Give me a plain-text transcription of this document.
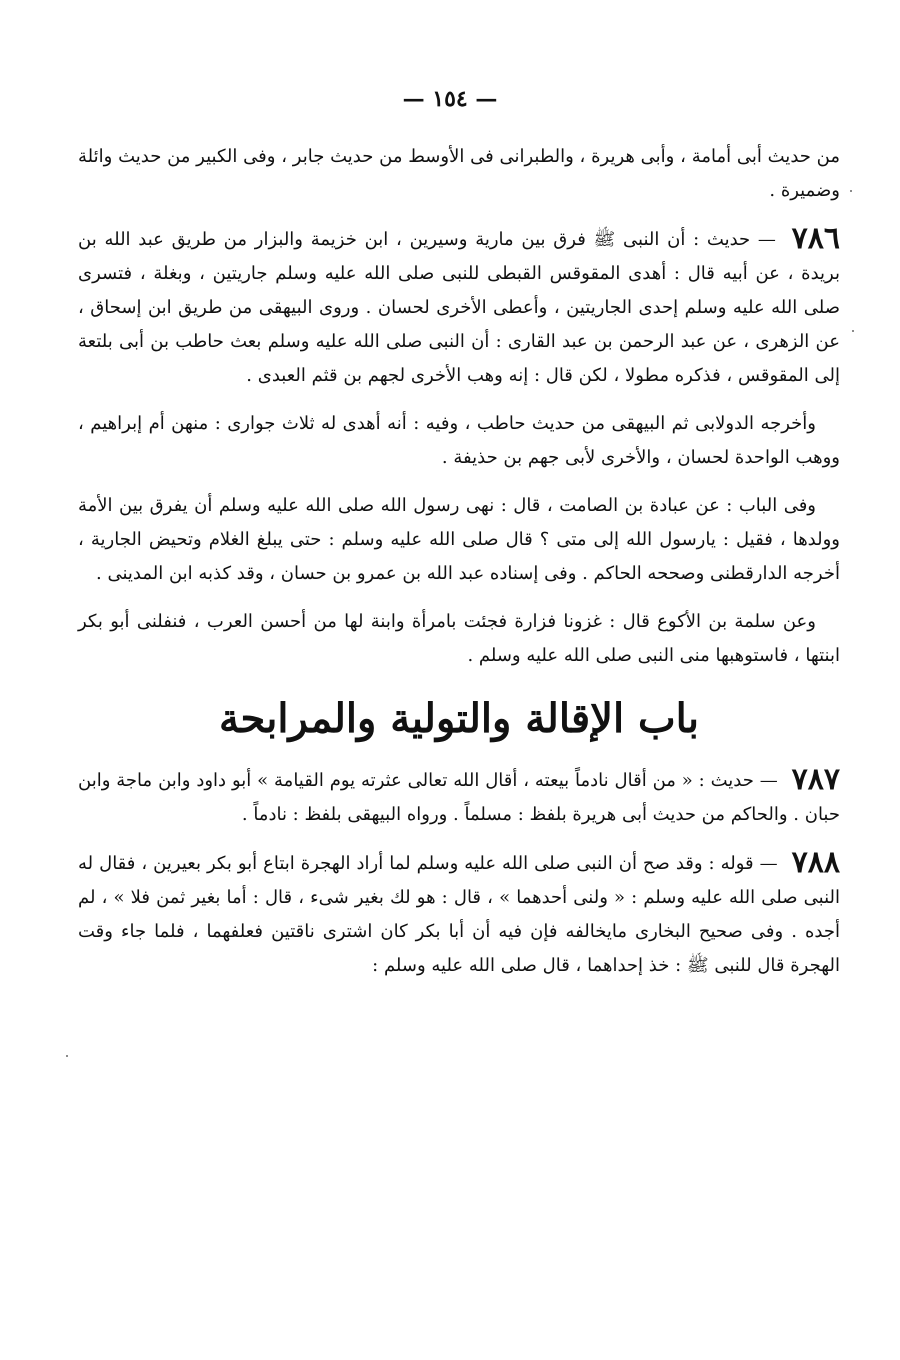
— ١٥٤ —

من حديث أبى أمامة ، وأبى هريرة ، والطبرانى فى الأوسط من حديث جابر ، وفى الكبير من حديث وائلة وضميرة .

٧٨٦ — حديث : أن النبى ﷺ فرق بين مارية وسيرين ، ابن خزيمة والبزار من طريق عبد الله بن بريدة ، عن أبيه قال : أهدى المقوقس القبطى للنبى صلى الله عليه وسلم جاريتين ، وبغلة ، فتسرى صلى الله عليه وسلم إحدى الجاريتين ، وأعطى الأخرى لحسان . وروى البيهقى من طريق ابن إسحاق ، عن الزهرى ، عن عبد الرحمن بن عبد القارى : أن النبى صلى الله عليه وسلم بعث حاطب بن أبى بلتعة إلى المقوقس ، فذكره مطولا ، لكن قال : إنه وهب الأخرى لجهم بن قثم العبدى .

وأخرجه الدولابى ثم البيهقى من حديث حاطب ، وفيه : أنه أهدى له ثلاث جوارى : منهن أم إبراهيم ، ووهب الواحدة لحسان ، والأخرى لأبى جهم بن حذيفة .

وفى الباب : عن عبادة بن الصامت ، قال : نهى رسول الله صلى الله عليه وسلم أن يفرق بين الأمة وولدها ، فقيل : يارسول الله إلى متى ؟ قال صلى الله عليه وسلم : حتى يبلغ الغلام وتحيض الجارية ، أخرجه الدارقطنى وصححه الحاكم . وفى إسناده عبد الله بن عمرو بن حسان ، وقد كذبه ابن المدينى .

وعن سلمة بن الأكوع قال : غزونا فزارة فجئت بامرأة وابنة لها من أحسن العرب ، فنفلنى أبو بكر ابنتها ، فاستوهبها منى النبى صلى الله عليه وسلم .

باب الإقالة والتولية والمرابحة

٧٨٧ — حديث : « من أقال نادماً بيعته ، أقال الله تعالى عثرته يوم القيامة » أبو داود وابن ماجة وابن حبان . والحاكم من حديث أبى هريرة بلفظ : مسلماً . ورواه البيهقى بلفظ : نادماً .

٧٨٨ — قوله : وقد صح أن النبى صلى الله عليه وسلم لما أراد الهجرة ابتاع أبو بكر بعيرين ، فقال له النبى صلى الله عليه وسلم : « ولنى أحدهما » ، قال : هو لك بغير شىء ، قال : أما بغير ثمن فلا » ، لم أجده . وفى صحيح البخارى مايخالفه فإن فيه أن أبا بكر كان اشترى ناقتين فعلفهما ، فلما جاء وقت الهجرة قال للنبى ﷺ : خذ إحداهما ، قال صلى الله عليه وسلم :
